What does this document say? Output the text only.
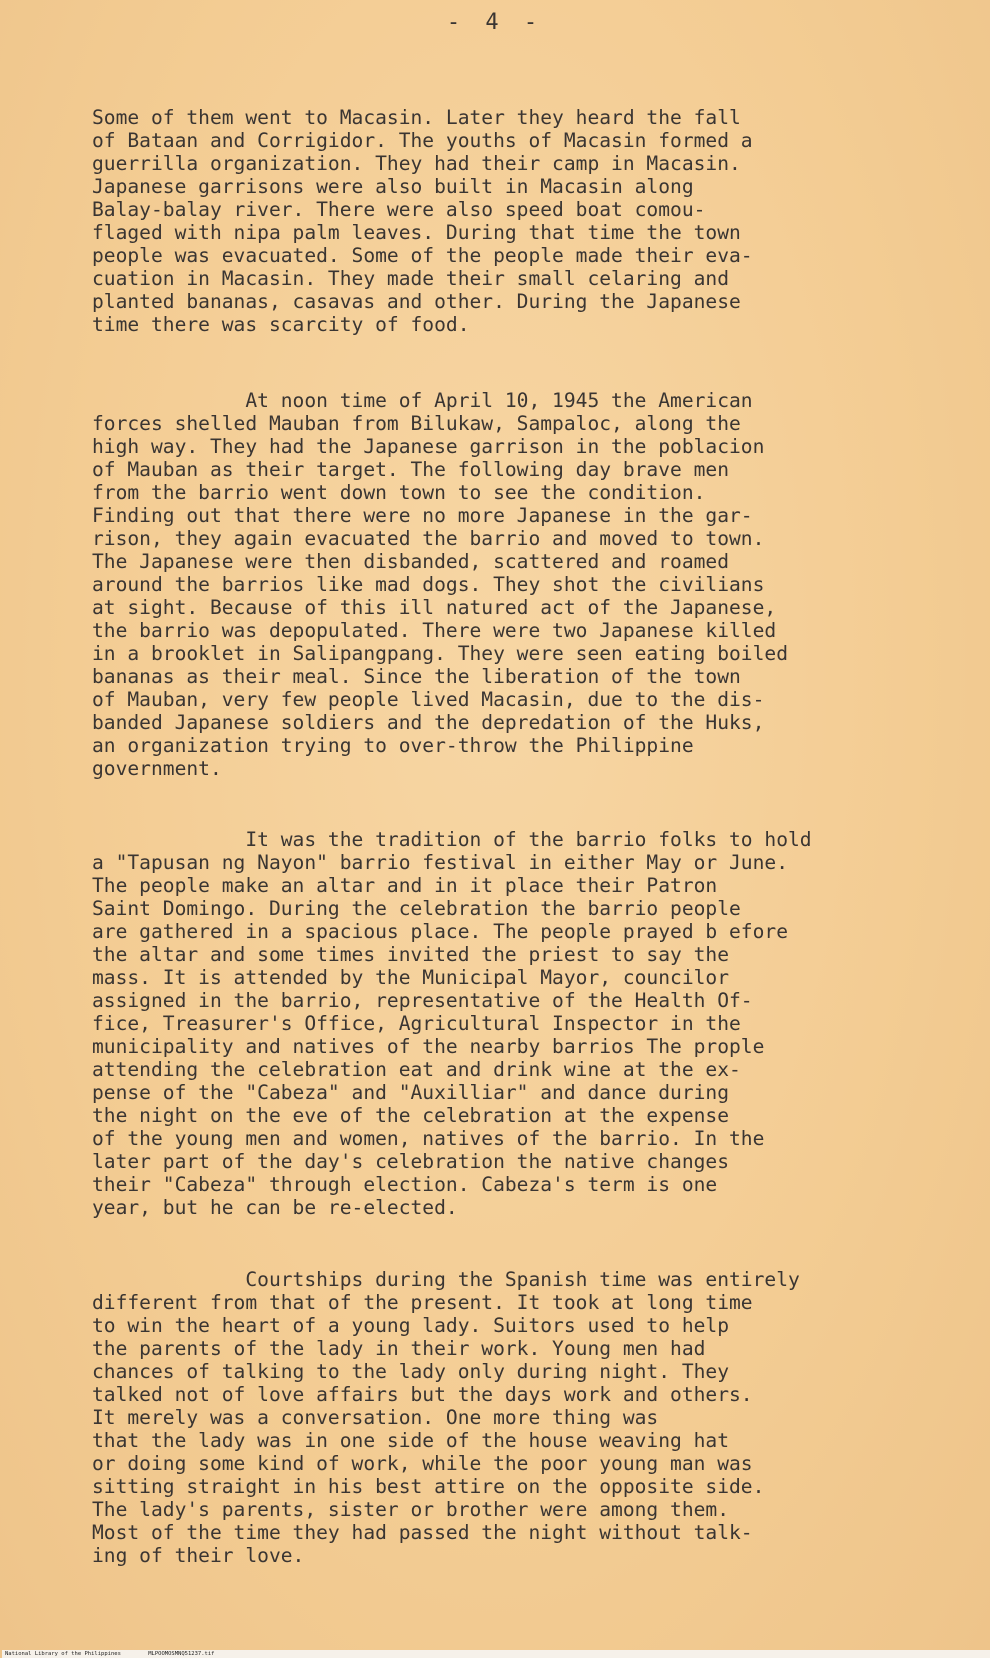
- 4 -
Some of them went to Macasin. Later they heard the fall
of Bataan and Corrigidor. The youths of Macasin formed a
guerrilla organization. They had their camp in Macasin.
Japanese garrisons were also built in Macasin along
Balay-balay river. There were also speed boat comou-
flaged with nipa palm leaves. During that time the town
people was evacuated. Some of the people made their eva-
cuation in Macasin. They made their small celaring and
planted bananas, casavas and other. During the Japanese
time there was scarcity of food.
At noon time of April 10, 1945 the American
forces shelled Mauban from Bilukaw, Sampaloc, along the
high way. They had the Japanese garrison in the poblacion
of Mauban as their target. The following day brave men
from the barrio went down town to see the condition.
Finding out that there were no more Japanese in the gar-
rison, they again evacuated the barrio and moved to town.
The Japanese were then disbanded, scattered and roamed
around the barrios like mad dogs. They shot the civilians
at sight. Because of this ill natured act of the Japanese,
the barrio was depopulated. There were two Japanese killed
in a brooklet in Salipangpang. They were seen eating boiled
bananas as their meal. Since the liberation of the town
of Mauban, very few people lived Macasin, due to the dis-
banded Japanese soldiers and the depredation of the Huks,
an organization trying to over-throw the Philippine
government.
It was the tradition of the barrio folks to hold
a "Tapusan ng Nayon" barrio festival in either May or June.
The people make an altar and in it place their Patron
Saint Domingo. During the celebration the barrio people
are gathered in a spacious place. The people prayed b efore
the altar and some times invited the priest to say the
mass. It is attended by the Municipal Mayor, councilor
assigned in the barrio, representative of the Health Of-
fice, Treasurer's Office, Agricultural Inspector in the
municipality and natives of the nearby barrios The prople
attending the celebration eat and drink wine at the ex-
pense of the "Cabeza" and "Auxilliar" and dance during
the night on the eve of the celebration at the expense
of the young men and women, natives of the barrio. In the
later part of the day's celebration the native changes
their "Cabeza" through election. Cabeza's term is one
year, but he can be re-elected.
Courtships during the Spanish time was entirely
different from that of the present. It took at long time
to win the heart of a young lady. Suitors used to help
the parents of the lady in their work. Young men had
chances of talking to the lady only during night. They
talked not of love affairs but the days work and others.
It merely was a conversation. One more thing was
that the lady was in one side of the house weaving hat
or doing some kind of work, while the poor young man was
sitting straight in his best attire on the opposite side.
The lady's parents, sister or brother were among them.
Most of the time they had passed the night without talk-
ing of their love.
National Library of the Philippines	MLPOOMOSMNQ51237.tif
